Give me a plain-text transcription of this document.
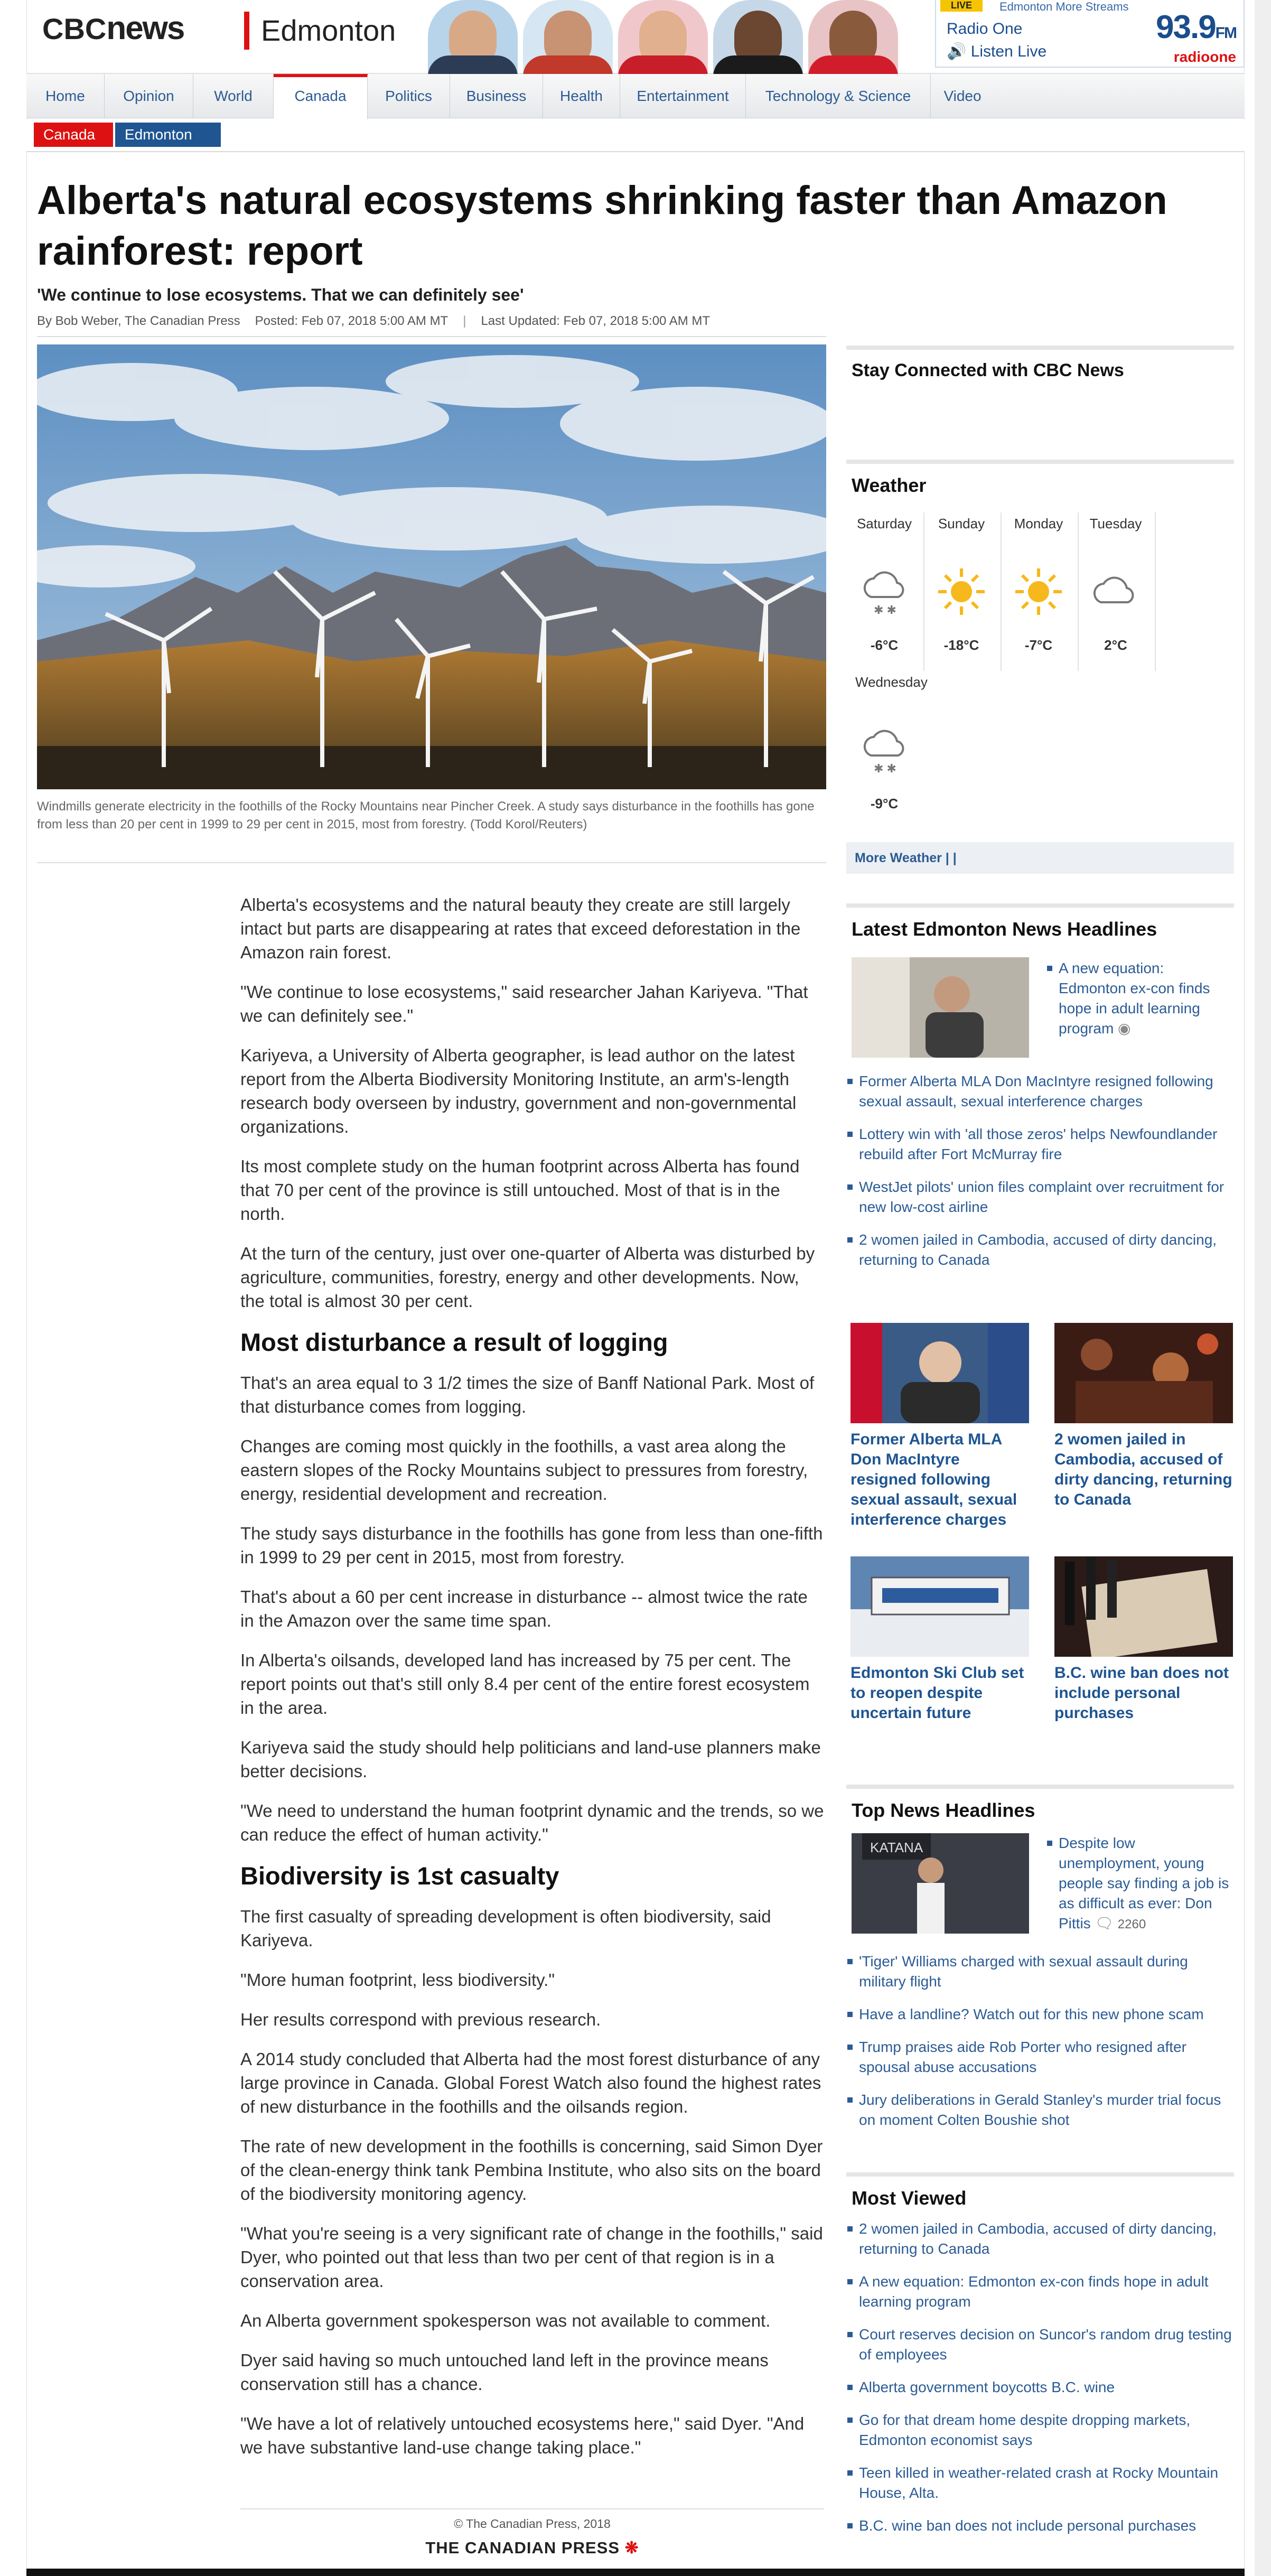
CBCnews	Edmonton
LIVE	Edmonton More Streams
Radio One
🔊 Listen Live
93.9FM
radioone
Home	Opinion	World	Canada	Politics	Business	Health	Entertainment	Technology & Science	Video
Canada	Edmonton
Alberta's natural ecosystems shrinking faster than Amazon rainforest: report
'We continue to lose ecosystems. That we can definitely see'
By Bob Weber, The Canadian Press Posted: Feb 07, 2018 5:00 AM MT | Last Updated: Feb 07, 2018 5:00 AM MT
Windmills generate electricity in the foothills of the Rocky Mountains near Pincher Creek. A study says disturbance in the foothills has gone from less than 20 per cent in 1999 to 29 per cent in 2015, most from forestry. (Todd Korol/Reuters)

Alberta's ecosystems and the natural beauty they create are still largely intact but parts are disappearing at rates that exceed deforestation in the Amazon rain forest.

"We continue to lose ecosystems," said researcher Jahan Kariyeva. "That we can definitely see."

Kariyeva, a University of Alberta geographer, is lead author on the latest report from the Alberta Biodiversity Monitoring Institute, an arm's-length research body overseen by industry, government and non-governmental organizations.

Its most complete study on the human footprint across Alberta has found that 70 per cent of the province is still untouched. Most of that is in the north.

At the turn of the century, just over one-quarter of Alberta was disturbed by agriculture, communities, forestry, energy and other developments. Now, the total is almost 30 per cent.

Most disturbance a result of logging

That's an area equal to 3 1/2 times the size of Banff National Park. Most of that disturbance comes from logging.

Changes are coming most quickly in the foothills, a vast area along the eastern slopes of the Rocky Mountains subject to pressures from forestry, energy, residential development and recreation.

The study says disturbance in the foothills has gone from less than one-fifth in 1999 to 29 per cent in 2015, most from forestry.

That's about a 60 per cent increase in disturbance -- almost twice the rate in the Amazon over the same time span.

In Alberta's oilsands, developed land has increased by 75 per cent. The report points out that's still only 8.4 per cent of the entire forest ecosystem in the area.

Kariyeva said the study should help politicians and land-use planners make better decisions.

"We need to understand the human footprint dynamic and the trends, so we can reduce the effect of human activity."

Biodiversity is 1st casualty

The first casualty of spreading development is often biodiversity, said Kariyeva.

"More human footprint, less biodiversity."

Her results correspond with previous research.

A 2014 study concluded that Alberta had the most forest disturbance of any large province in Canada. Global Forest Watch also found the highest rates of new disturbance in the foothills and the oilsands region.

The rate of new development in the foothills is concerning, said Simon Dyer of the clean-energy think tank Pembina Institute, who also sits on the board of the biodiversity monitoring agency.

"What you're seeing is a very significant rate of change in the foothills," said Dyer, who pointed out that less than two per cent of that region is in a conservation area.

An Alberta government spokesperson was not available to comment.

Dyer said having so much untouched land left in the province means conservation still has a chance.

"We have a lot of relatively untouched ecosystems here," said Dyer. "And we have substantive land-use change taking place."

© The Canadian Press, 2018
THE CANADIAN PRESS ❋
Stay Connected with CBC News
Weather
Saturday
✱ ✱
-6°C
Sunday
-18°C
Monday
-7°C
Tuesday
2°C
Wednesday
✱ ✱
-9°C
More Weather | |
Latest Edmonton News Headlines
A new equation: Edmonton ex-con finds hope in adult learning program ◉
Former Alberta MLA Don MacIntyre resigned following sexual assault, sexual interference charges
Lottery win with 'all those zeros' helps Newfoundlander rebuild after Fort McMurray fire
WestJet pilots' union files complaint over recruitment for new low-cost airline
2 women jailed in Cambodia, accused of dirty dancing, returning to Canada
Former Alberta MLA Don MacIntyre resigned following sexual assault, sexual interference charges
2 women jailed in Cambodia, accused of dirty dancing, returning to Canada
Edmonton Ski Club set to reopen despite uncertain future
B.C. wine ban does not include personal purchases
Top News Headlines
KATANA	Despite low unemployment, young people say finding a job is as difficult as ever: Don Pittis 🗨 2260
'Tiger' Williams charged with sexual assault during military flight
Have a landline? Watch out for this new phone scam
Trump praises aide Rob Porter who resigned after spousal abuse accusations
Jury deliberations in Gerald Stanley's murder trial focus on moment Colten Boushie shot
Most Viewed
2 women jailed in Cambodia, accused of dirty dancing, returning to Canada
A new equation: Edmonton ex-con finds hope in adult learning program
Court reserves decision on Suncor's random drug testing of employees
Alberta government boycotts B.C. wine
Go for that dream home despite dropping markets, Edmonton economist says
Teen killed in weather-related crash at Rocky Mountain House, Alta.
B.C. wine ban does not include personal purchases
